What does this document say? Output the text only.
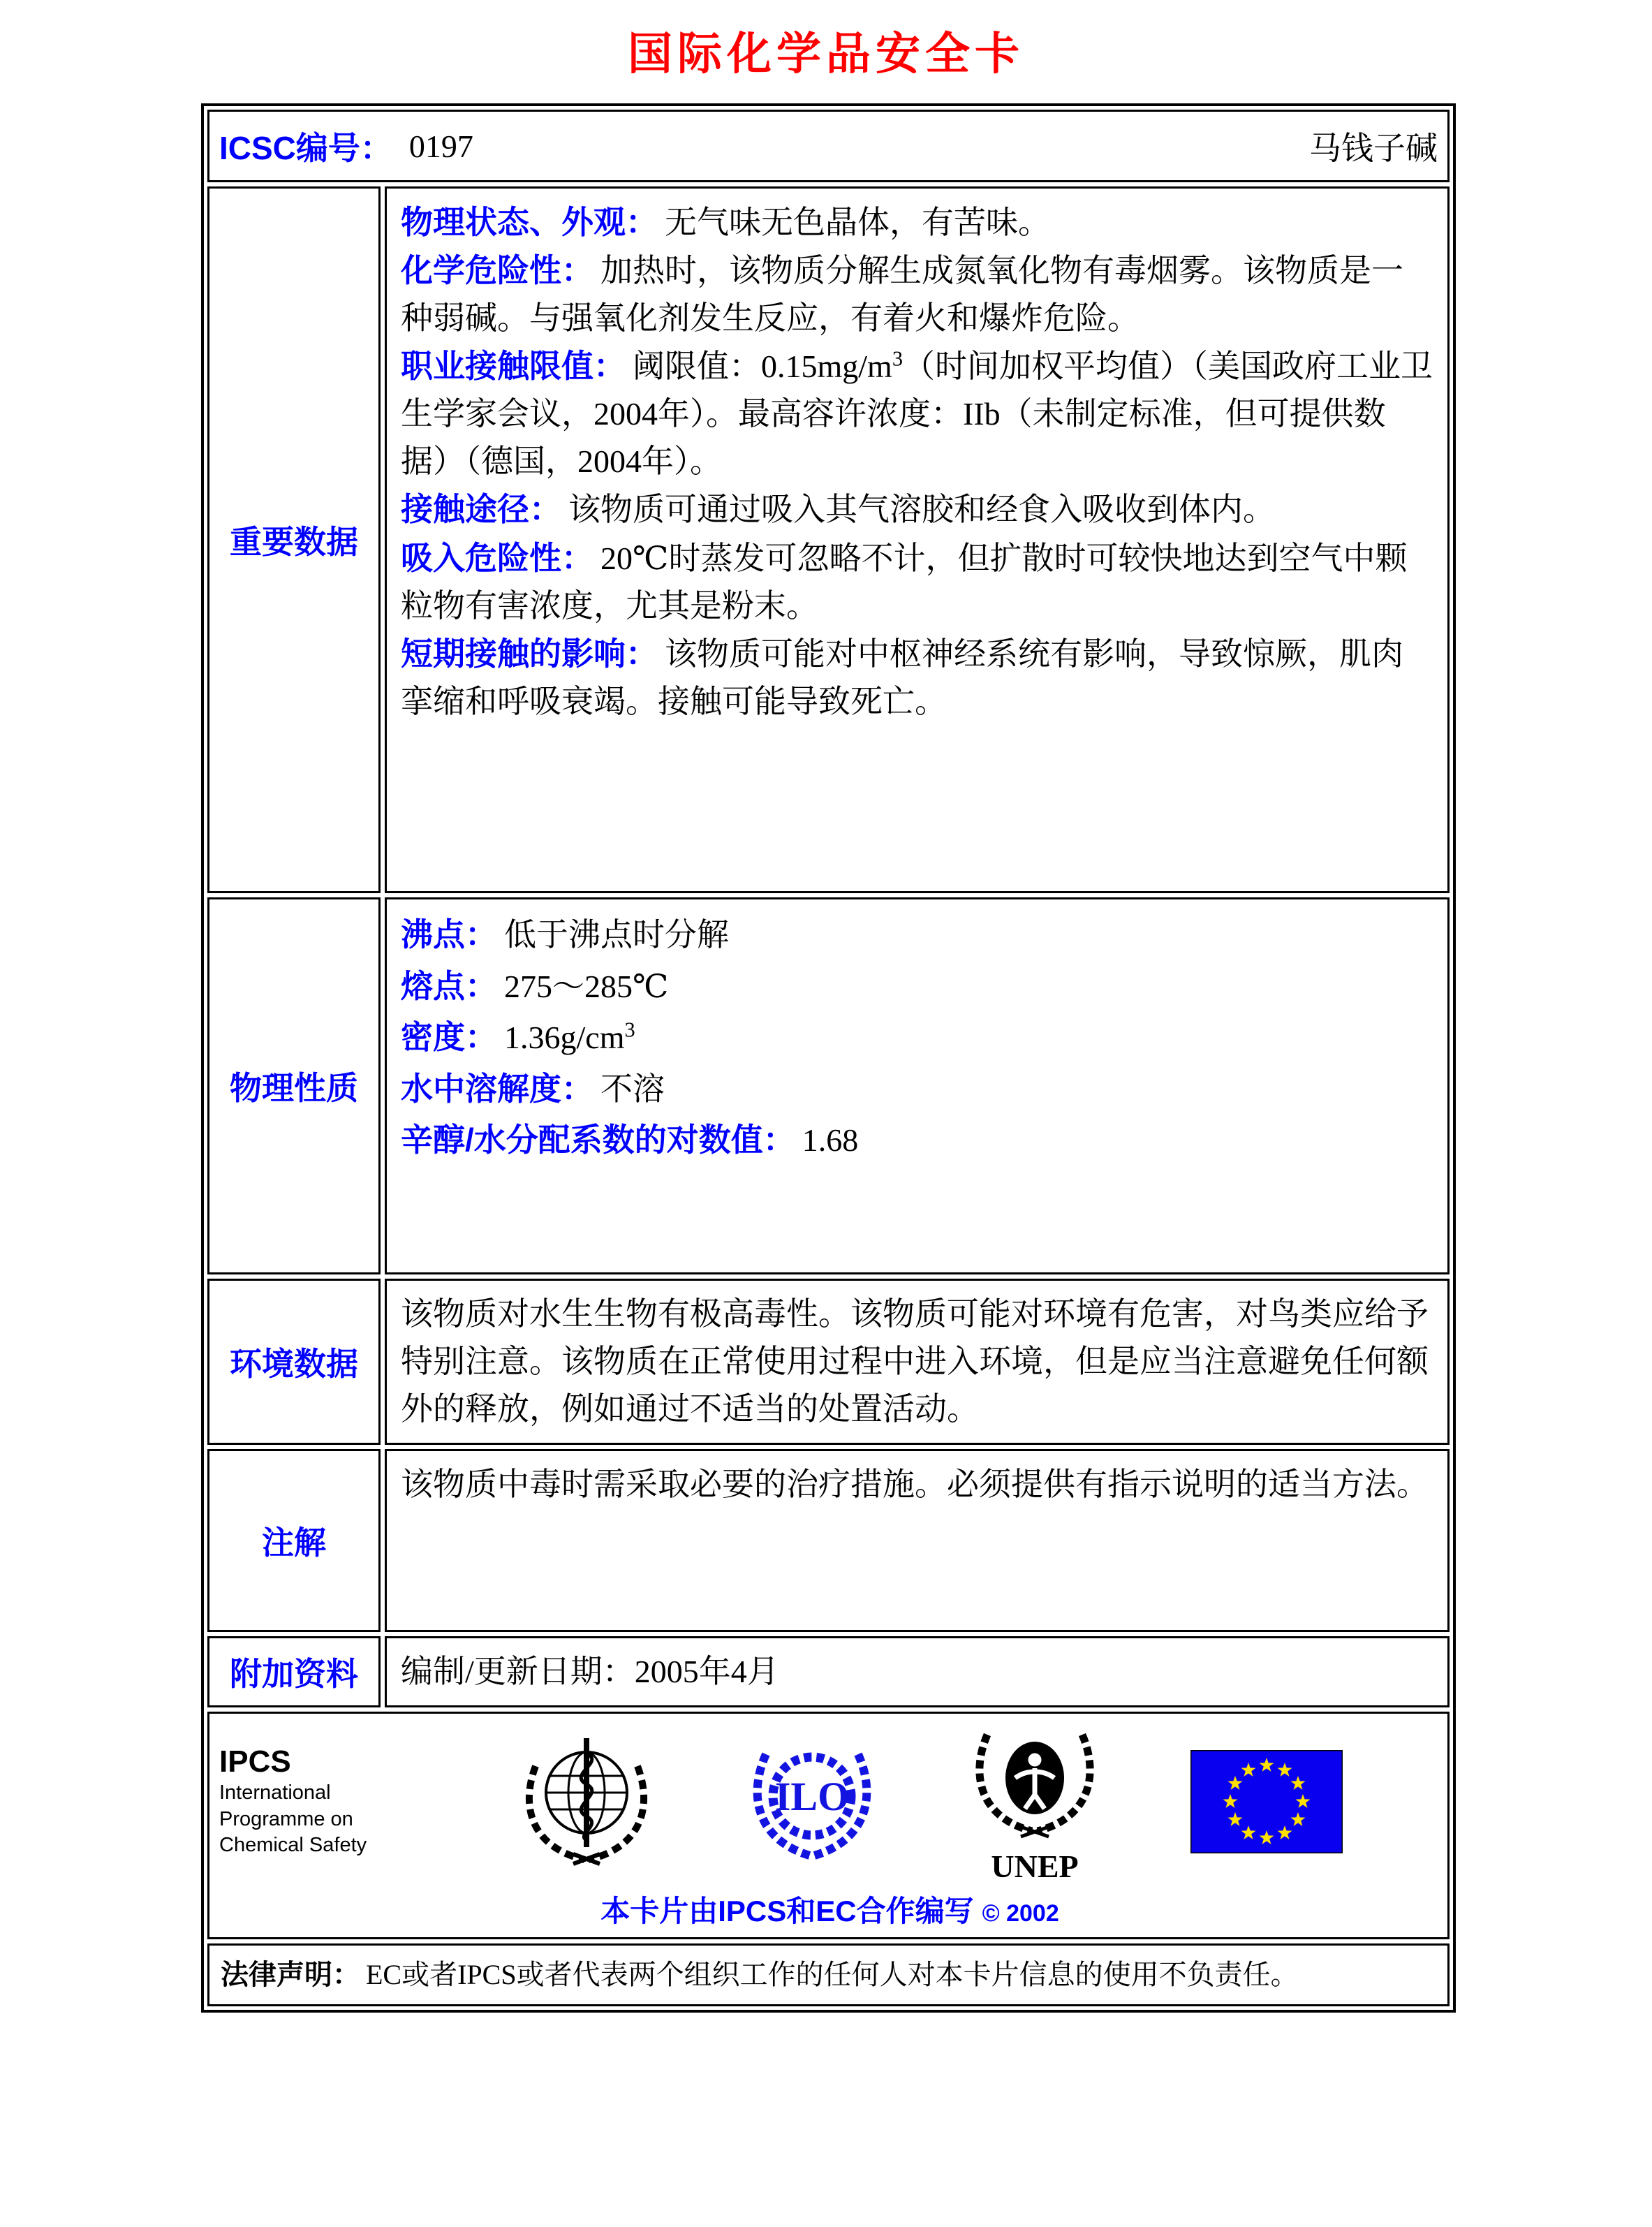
国际化学品安全卡
ICSC编号： 0197	马钱子碱
重要数据

物理状态、外观： 无气味无色晶体，有苦味。

化学危险性： 加热时，该物质分解生成氮氧化物有毒烟雾。该物质是一种弱碱。与强氧化剂发生反应，有着火和爆炸危险。

职业接触限值： 阈限值：$0.15mg/m^3$（时间加权平均值）（美国政府工业卫生学家会议，2004年）。最高容许浓度：IIb（未制定标准，但可提供数据）（德国，2004年）。

接触途径： 该物质可通过吸入其气溶胶和经食入吸收到体内。

吸入危险性： 20℃时蒸发可忽略不计，但扩散时可较快地达到空气中颗粒物有害浓度，尤其是粉末。

短期接触的影响： 该物质可能对中枢神经系统有影响，导致惊厥，肌肉挛缩和呼吸衰竭。接触可能导致死亡。

物理性质
沸点： 低于沸点时分解
熔点： 275～285℃
密度： $1.36g/cm^3$
水中溶解度： 不溶
辛醇/水分配系数的对数值： 1.68
环境数据

该物质对水生生物有极高毒性。该物质可能对环境有危害，对鸟类应给予特别注意。该物质在正常使用过程中进入环境，但是应当注意避免任何额外的释放，例如通过不适当的处置活动。

注解

该物质中毒时需采取必要的治疗措施。必须提供有指示说明的适当方法。

附加资料	编制/更新日期：2005年4月

IPCS
International
Programme on
Chemical Safety
ILO
UNEP
本卡片由IPCS和EC合作编写 © 2002
法律声明： EC或者IPCS或者代表两个组织工作的任何人对本卡片信息的使用不负责任。
